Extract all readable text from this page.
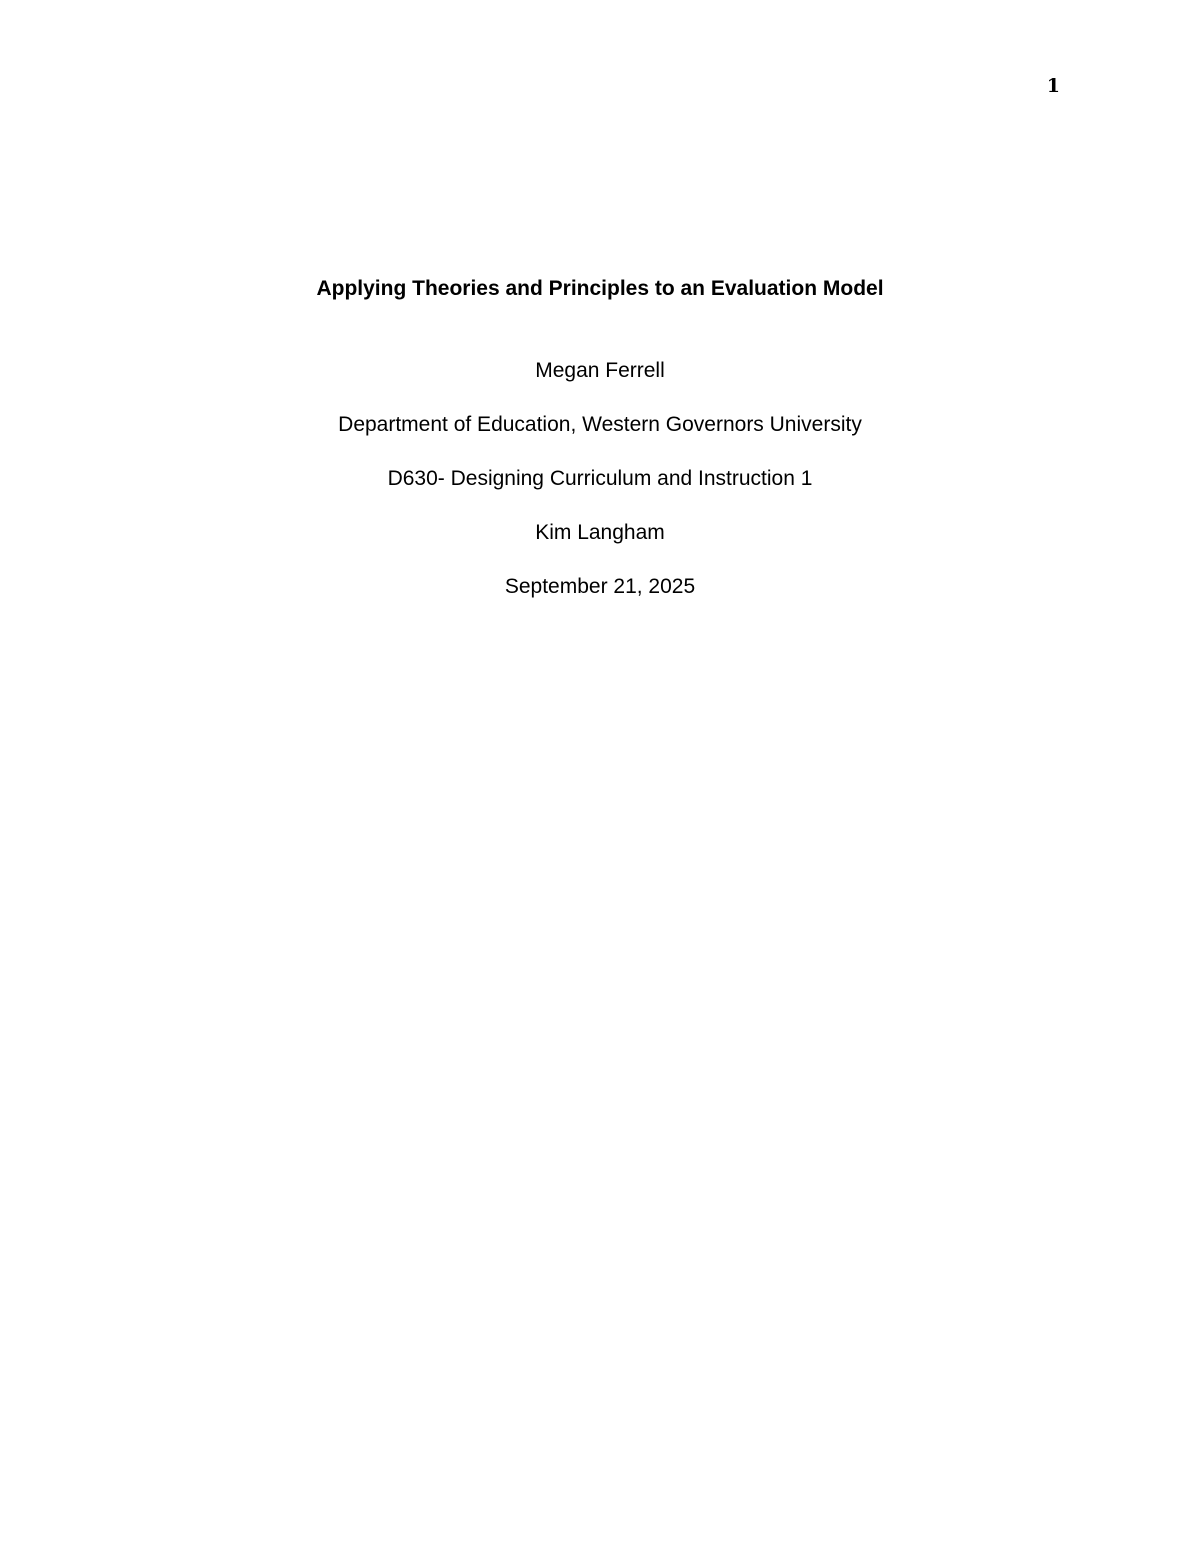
1
Applying Theories and Principles to an Evaluation Model
Megan Ferrell
Department of Education, Western Governors University
D630- Designing Curriculum and Instruction 1
Kim Langham
September 21, 2025
